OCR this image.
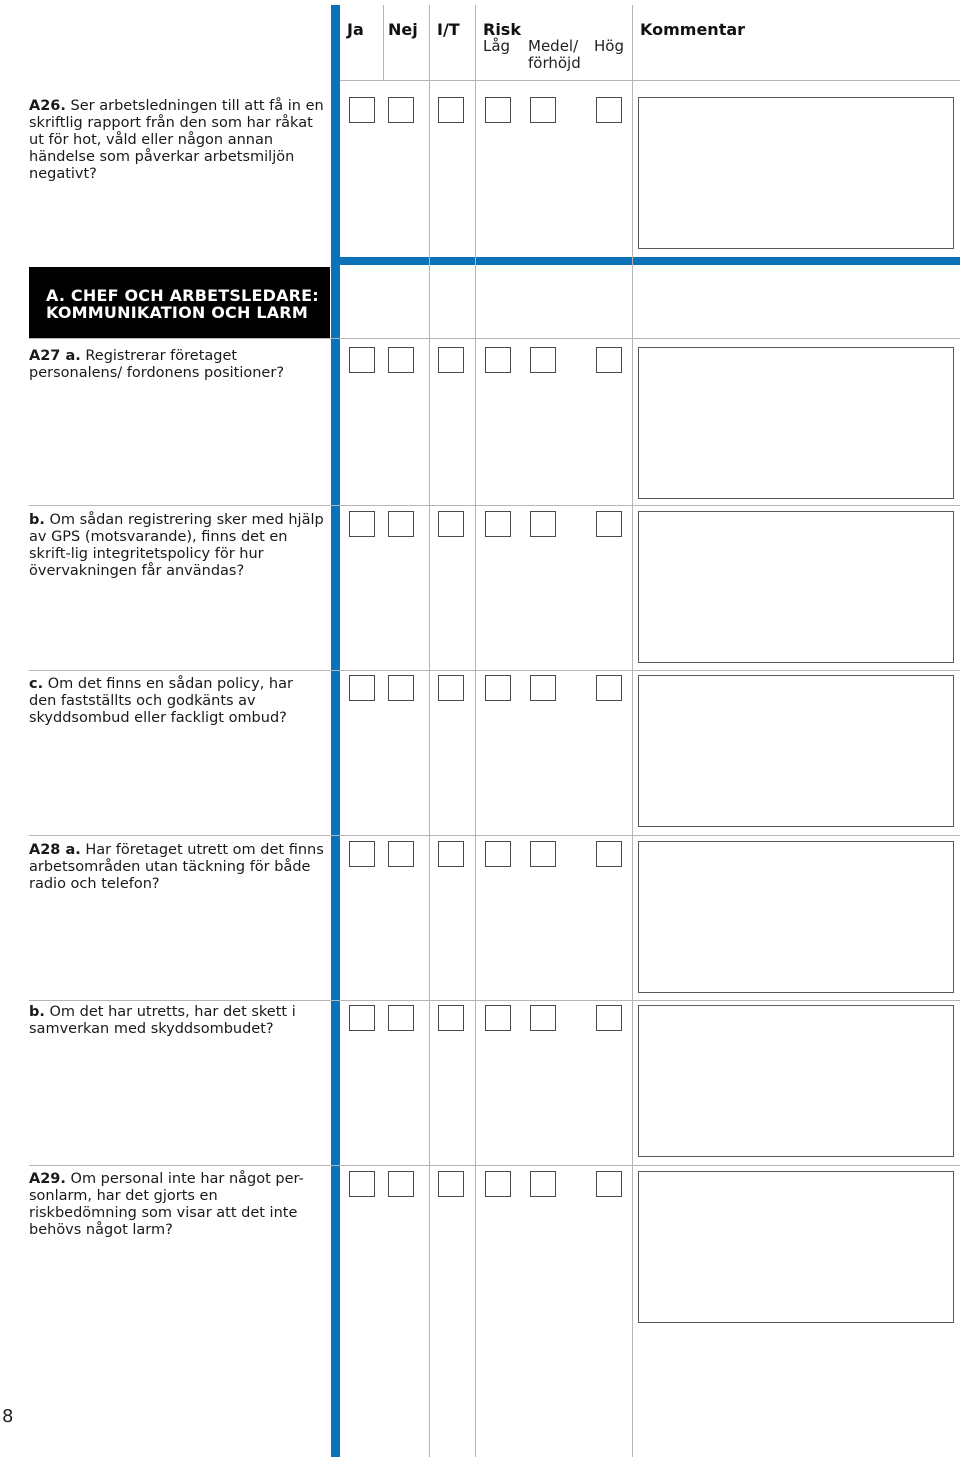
Ja Nej I/T Risk
Låg Medel/
förhöjd
Hög
Kommentar
A. CHEF OCH ARBETSLEDARE:
KOMMUNIKATION OCH LARM
A26. Ser arbetsledningen till att få in en skriftlig rapport från den som har råkat ut för hot, våld eller någon annan händelse som påverkar arbetsmiljön negativt?
A27 a. Registrerar företaget personalens/ fordonens positioner?
b. Om sådan registrering sker med hjälp av GPS (motsvarande), finns det en skrift-lig integritetspolicy för hur övervakningen får användas?
c. Om det finns en sådan policy, har den fastställts och godkänts av skyddsombud eller fackligt ombud?
A28 a. Har företaget utrett om det finns arbetsområden utan täckning för både radio och telefon?
b. Om det har utretts, har det skett i samverkan med skyddsombudet?
A29. Om personal inte har något per-sonlarm, har det gjorts en riskbedömning som visar att det inte behövs något larm?
8
